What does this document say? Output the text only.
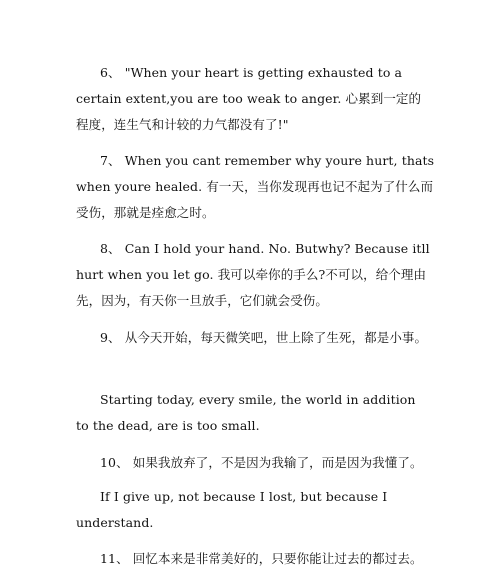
6、 "When your heart is getting exhausted to a
certain extent,you are too weak to anger. 心累到一定的
程度，连生气和计较的力气都没有了!"
7、 When you cant remember why youre hurt, thats
when youre healed. 有一天，当你发现再也记不起为了什么而
受伤，那就是痊愈之时。
8、 Can I hold your hand. No. Butwhy? Because itll
hurt when you let go. 我可以牵你的手么?不可以，给个理由
先，因为，有天你一旦放手，它们就会受伤。
9、 从今天开始，每天微笑吧，世上除了生死，都是小事。
Starting today, every smile, the world in addition
to the dead, are is too small.
10、 如果我放弃了，不是因为我输了，而是因为我懂了。
If I give up, not because I lost, but because I
understand.
11、 回忆本来是非常美好的，只要你能让过去的都过去。
